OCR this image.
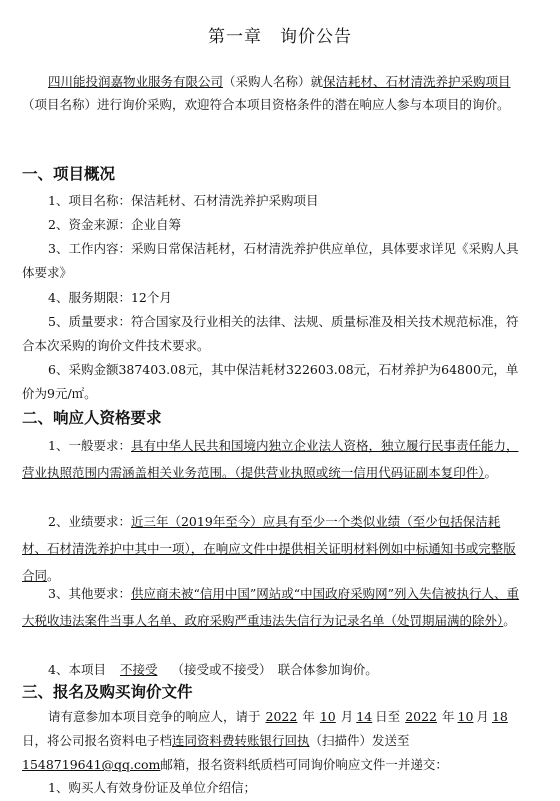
第一章　询价公告

四川能投润嘉物业服务有限公司（采购人名称）就保洁耗材、石材清洗养护采购项目（项目名称）进行询价采购，欢迎符合本项目资格条件的潜在响应人参与本项目的询价。

一、项目概况

1、项目名称：保洁耗材、石材清洗养护采购项目

2、资金来源：企业自筹

3、工作内容：采购日常保洁耗材，石材清洗养护供应单位，具体要求详见《采购人具体要求》

4、服务期限：12个月

5、质量要求：符合国家及行业相关的法律、法规、质量标准及相关技术规范标准，符合本次采购的询价文件技术要求。

6、采购金额387403.08元，其中保洁耗材322603.08元，石材养护为64800元，单价为9元/㎡。

二、响应人资格要求

1、一般要求：具有中华人民共和国境内独立企业法人资格，独立履行民事责任能力，营业执照范围内需涵盖相关业务范围。（提供营业执照或统一信用代码证副本复印件）。

2、业绩要求：近三年（2019年至今）应具有至少一个类似业绩（至少包括保洁耗材、石材清洗养护中其中一项），在响应文件中提供相关证明材料例如中标通知书或完整版合同。

3、其他要求：供应商未被“信用中国”网站或“中国政府采购网”列入失信被执行人、重大税收违法案件当事人名单、政府采购严重违法失信行为记录名单（处罚期届满的除外）。

4、本项目 不接受 （接受或不接受）　联合体参加询价。

三、报名及购买询价文件

请有意参加本项目竞争的响应人，请于 2022 年 10 月 14 日至 2022 年 10 月 18日，将公司报名资料电子档连同资料费转账银行回执（扫描件）发送至1548719641@qq.com邮箱，报名资料纸质档可同询价响应文件一并递交：

1、购买人有效身份证及单位介绍信；
